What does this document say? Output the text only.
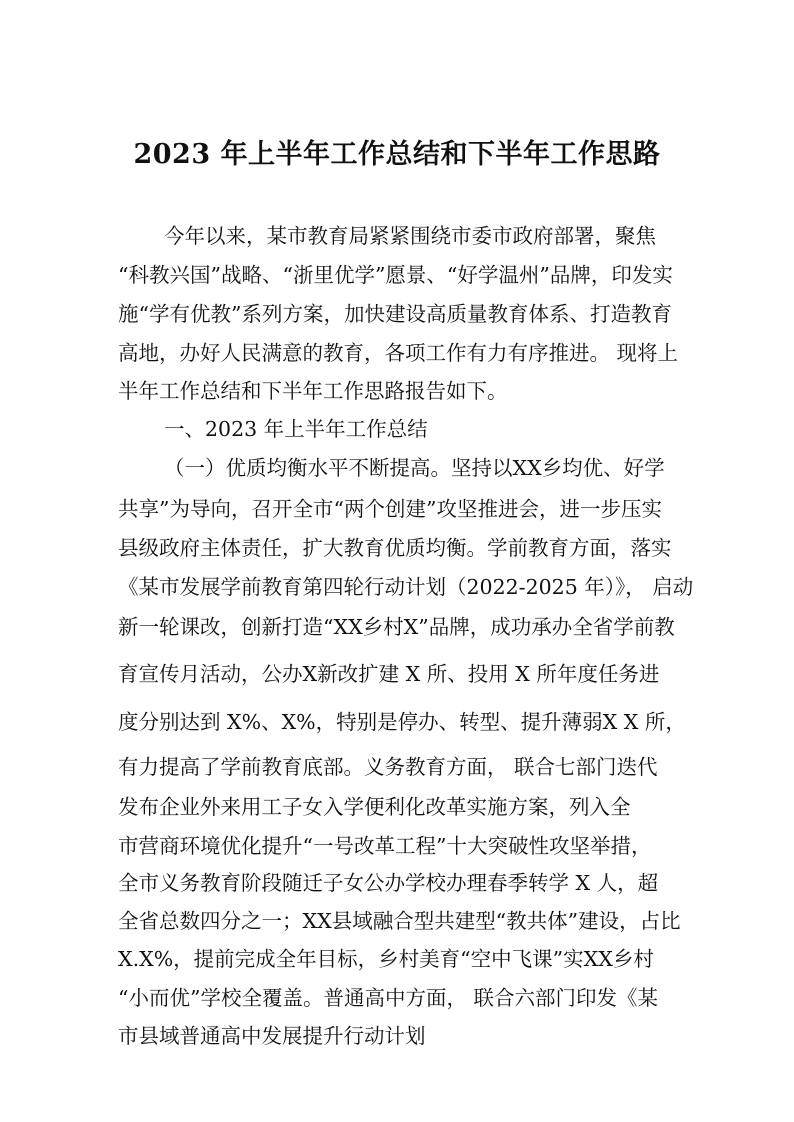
2023 年上半年工作总结和下半年工作思路
今年以来，某市教育局紧紧围绕市委市政府部署，聚焦
“科教兴国”战略、“浙里优学”愿景、“好学温州”品牌，印发实
施“学有优教”系列方案，加快建设高质量教育体系、打造教育
高地，办好人民满意的教育，各项工作有力有序推进。 现将上
半年工作总结和下半年工作思路报告如下。
一、2023 年上半年工作总结
（一）优质均衡水平不断提高。坚持以XX乡均优、好学
共享”为导向，召开全市“两个创建”攻坚推进会，进一步压实
县级政府主体责任，扩大教育优质均衡。学前教育方面，落实
《某市发展学前教育第四轮行动计划（2022-2025 年）》， 启动
新一轮课改，创新打造“XX乡村X”品牌，成功承办全省学前教
育宣传月活动，公办X新改扩建 X 所、投用 X 所年度任务进
度分别达到 X%、X%，特别是停办、转型、提升薄弱X X 所，
有力提高了学前教育底部。义务教育方面， 联合七部门迭代
发布企业外来用工子女入学便利化改革实施方案，列入全
市营商环境优化提升“一号改革工程”十大突破性攻坚举措，
全市义务教育阶段随迁子女公办学校办理春季转学 X 人，超
全省总数四分之一；XX县域融合型共建型“教共体”建设，占比
X.X%，提前完成全年目标，乡村美育“空中飞课”实XX乡村
“小而优”学校全覆盖。普通高中方面， 联合六部门印发《某
市县域普通高中发展提升行动计划
